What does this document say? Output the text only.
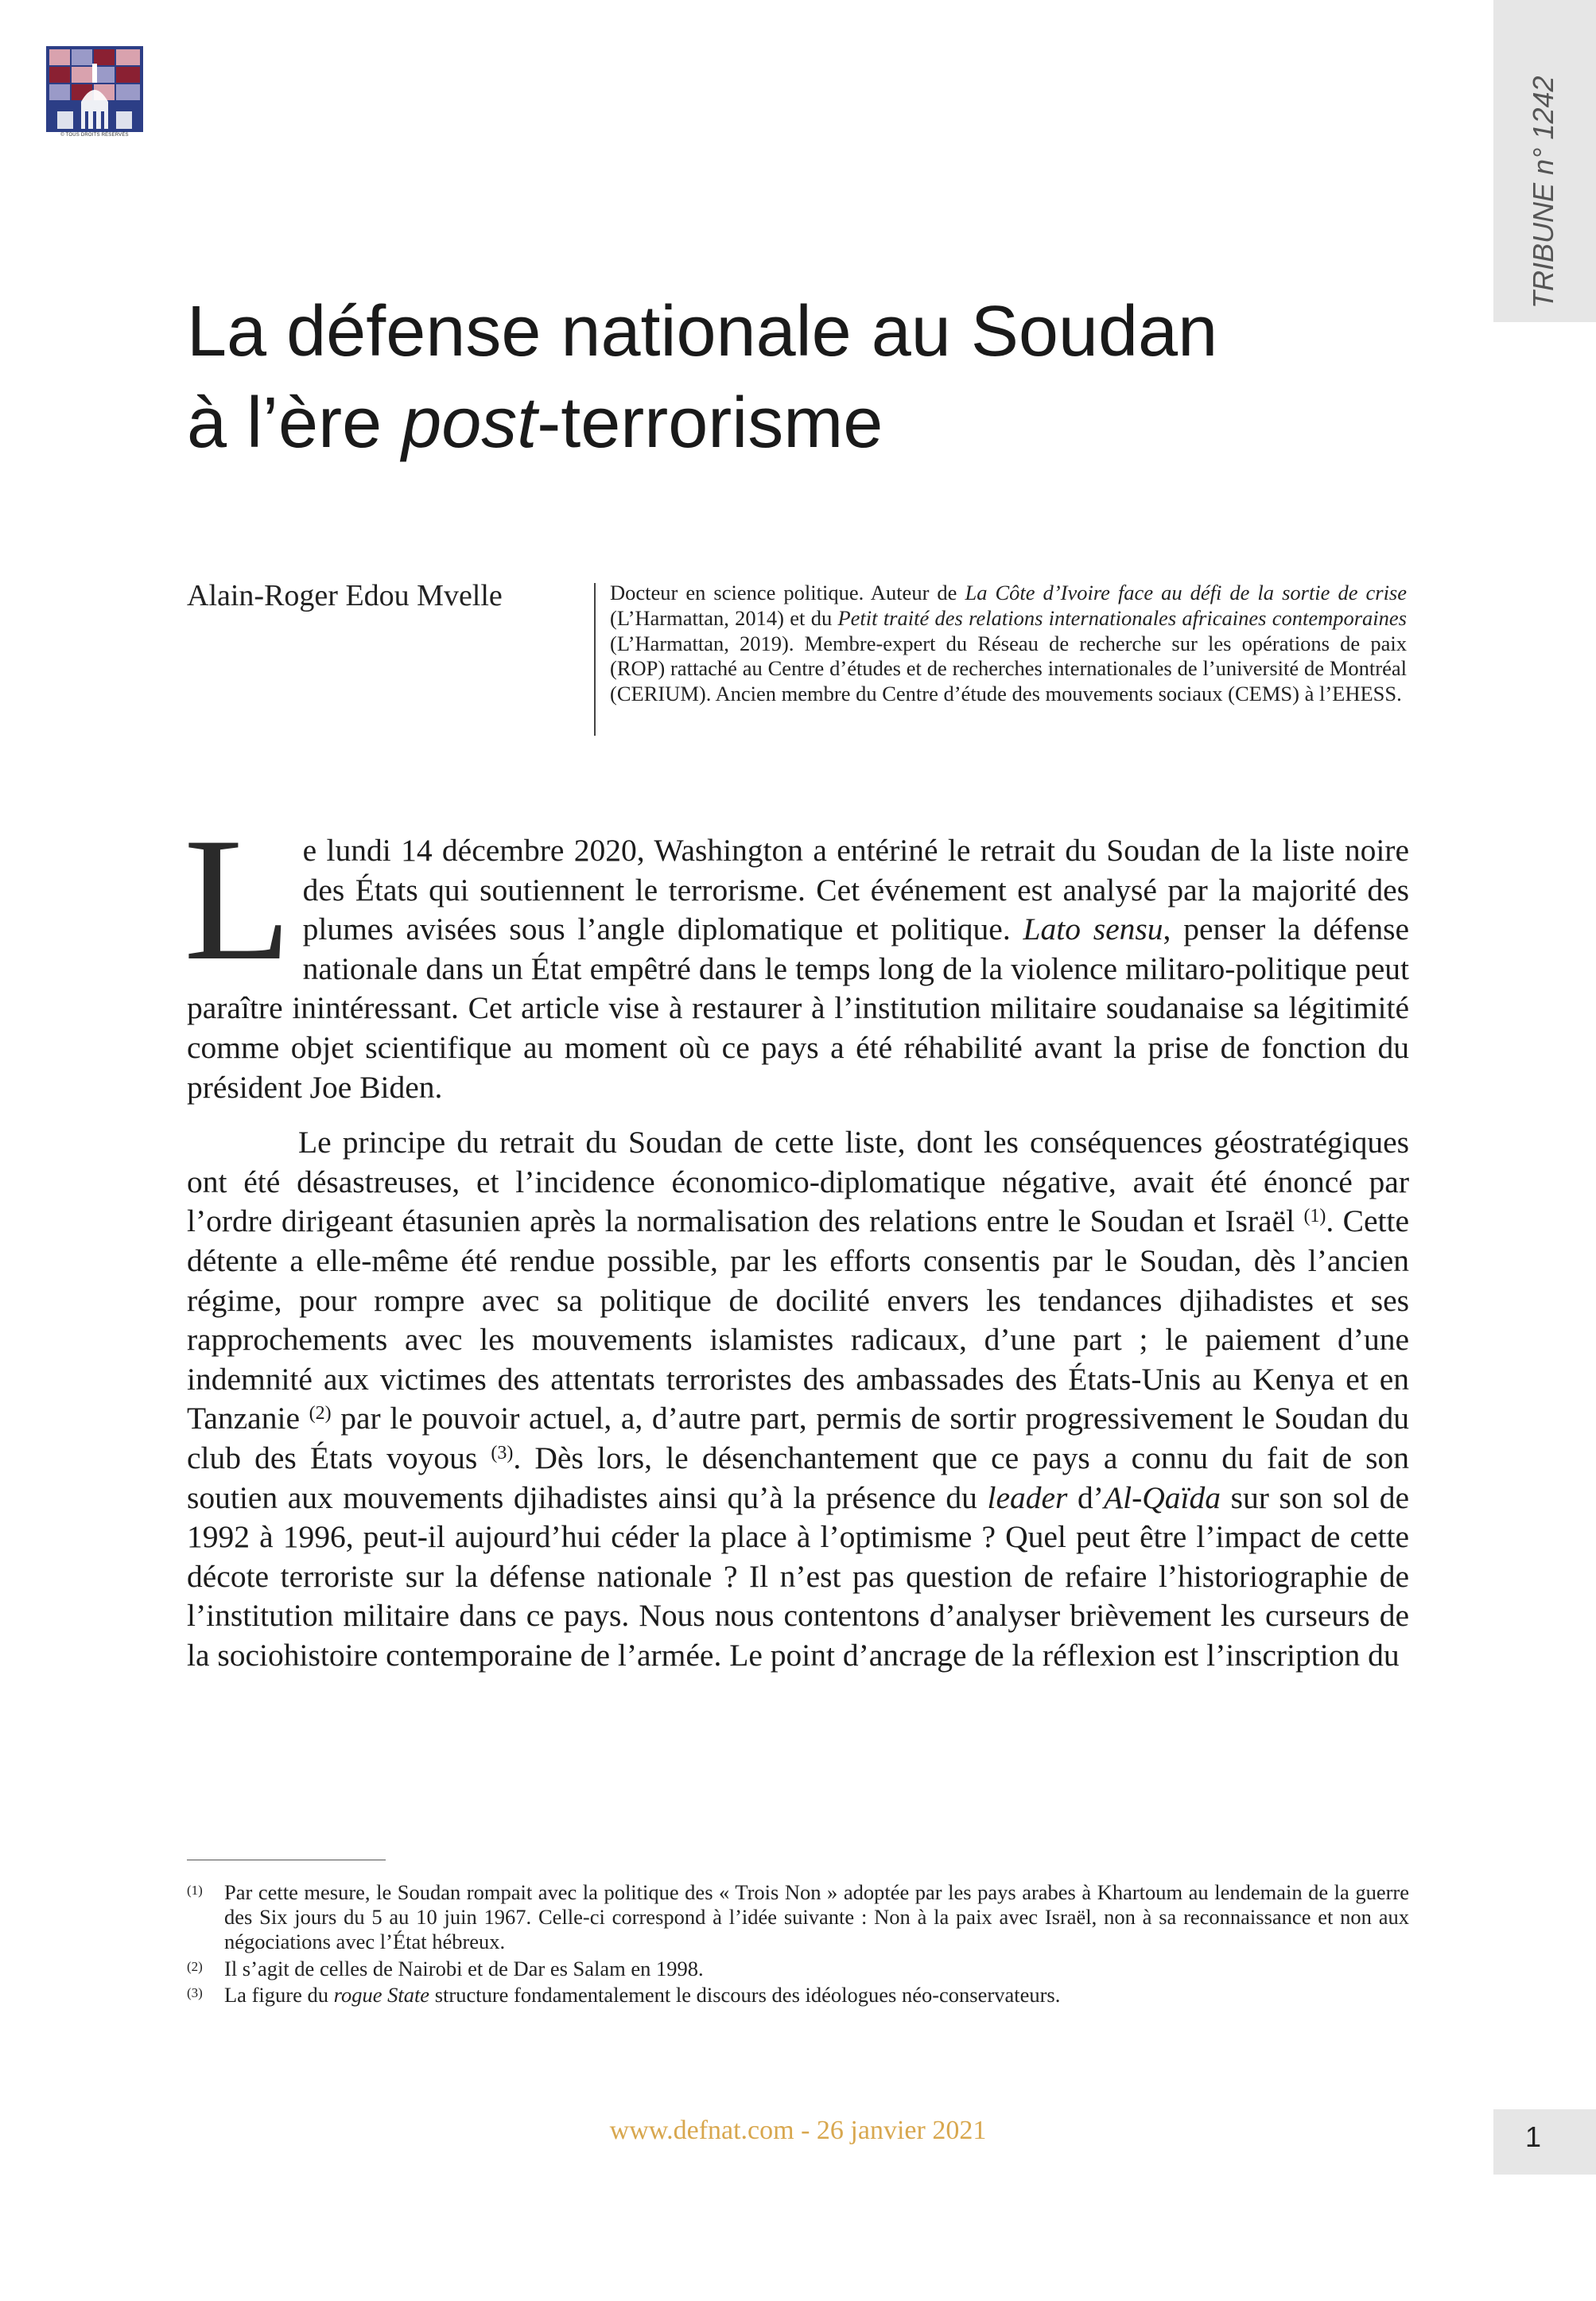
© TOUS DROITS RÉSERVÉS	TRIBUNE n° 1242
La défense nationale au Soudan
à l’ère post-terrorisme
Alain-Roger Edou Mvelle	Docteur en science politique. Auteur de La Côte d’Ivoire face au défi de la sortie de crise (L’Harmattan, 2014) et du Petit traité des relations internationales africaines contemporaines (L’Harmattan, 2019). Membre-expert du Réseau de recherche sur les opérations de paix (ROP) rattaché au Centre d’études et de recherches internationales de l’université de Montréal (CERIUM). Ancien membre du Centre d’étude des mouvements sociaux (CEMS) à l’EHESS.

Le lundi 14 décembre 2020, Washington a entériné le retrait du Soudan de la liste noire des États qui soutiennent le terrorisme. Cet événement est analysé par la majorité des plumes avisées sous l’angle diplomatique et politique. Lato sensu, penser la défense nationale dans un État empêtré dans le temps long de la violence militaro-politique peut paraître inintéressant. Cet article vise à restaurer à l’institution militaire soudanaise sa légitimité comme objet scientifique au moment où ce pays a été réhabilité avant la prise de fonction du président Joe Biden.

Le principe du retrait du Soudan de cette liste, dont les conséquences géostratégiques ont été désastreuses, et l’incidence économico-diplomatique négative, avait été énoncé par l’ordre dirigeant étasunien après la normalisation des relations entre le Soudan et Israël $^{(1)}$. Cette détente a elle-même été rendue possible, par les efforts consentis par le Soudan, dès l’ancien régime, pour rompre avec sa politique de docilité envers les tendances djihadistes et ses rapprochements avec les mouvements islamistes radicaux, d’une part ; le paiement d’une indemnité aux victimes des attentats terroristes des ambassades des États-Unis au Kenya et en Tanzanie $^{(2)}$ par le pouvoir actuel, a, d’autre part, permis de sortir progressivement le Soudan du club des États voyous $^{(3)}$. Dès lors, le désenchantement que ce pays a connu du fait de son soutien aux mouvements djihadistes ainsi qu’à la présence du leader d’Al-Qaïda sur son sol de 1992 à 1996, peut-il aujourd’hui céder la place à l’optimisme ? Quel peut être l’impact de cette décote terroriste sur la défense nationale ? Il n’est pas question de refaire l’historiographie de l’institution militaire dans ce pays. Nous nous contentons d’analyser brièvement les curseurs de la sociohistoire contemporaine de l’armée. Le point d’ancrage de la réflexion est l’inscription du

(1)	Par cette mesure, le Soudan rompait avec la politique des « Trois Non » adoptée par les pays arabes à Khartoum au lendemain de la guerre des Six jours du 5 au 10 juin 1967. Celle-ci correspond à l’idée suivante : Non à la paix avec Israël, non à sa reconnaissance et non aux négociations avec l’État hébreux.
(2)	Il s’agit de celles de Nairobi et de Dar es Salam en 1998.
(3)	La figure du rogue State structure fondamentalement le discours des idéologues néo-conservateurs.
www.defnat.com - 26 janvier 2021	1
